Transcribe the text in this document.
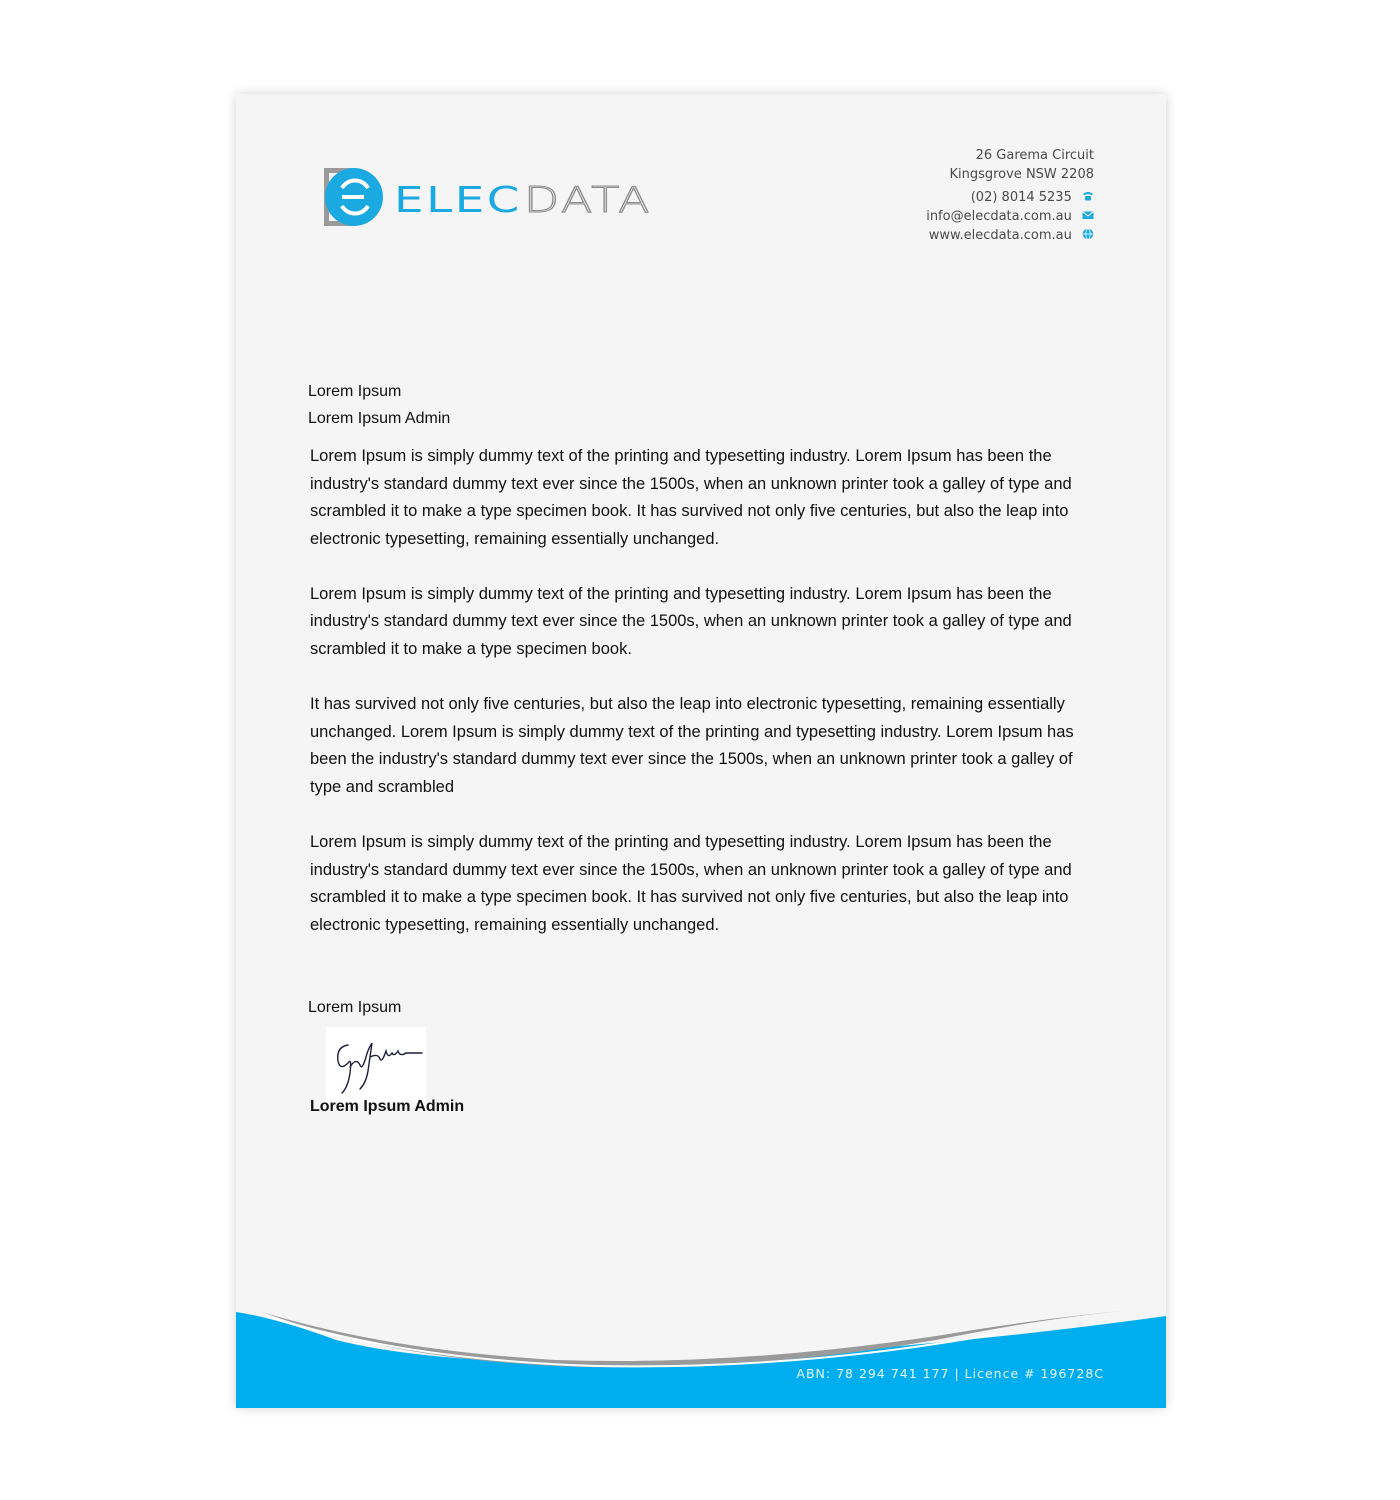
ELEC DATA
26 Garema Circuit
Kingsgrove NSW 2208
(02) 8014 5235
info@elecdata.com.au
www.elecdata.com.au
Lorem Ipsum
Lorem Ipsum Admin

Lorem Ipsum is simply dummy text of the printing and typesetting industry. Lorem Ipsum has been the industry's standard dummy text ever since the 1500s, when an unknown printer took a galley of type and scrambled it to make a type specimen book. It has survived not only five centuries, but also the leap into electronic typesetting, remaining essentially unchanged.

Lorem Ipsum is simply dummy text of the printing and typesetting industry. Lorem Ipsum has been the industry's standard dummy text ever since the 1500s, when an unknown printer took a galley of type and scrambled it to make a type specimen book.

It has survived not only five centuries, but also the leap into electronic typesetting, remaining essentially unchanged. Lorem Ipsum is simply dummy text of the printing and typesetting industry. Lorem Ipsum has been the industry's standard dummy text ever since the 1500s, when an unknown printer took a galley of type and scrambled

Lorem Ipsum is simply dummy text of the printing and typesetting industry. Lorem Ipsum has been the industry's standard dummy text ever since the 1500s, when an unknown printer took a galley of type and scrambled it to make a type specimen book. It has survived not only five centuries, but also the leap into electronic typesetting, remaining essentially unchanged.

Lorem Ipsum
Lorem Ipsum Admin
ABN: 78 294 741 177 | Licence # 196728C
